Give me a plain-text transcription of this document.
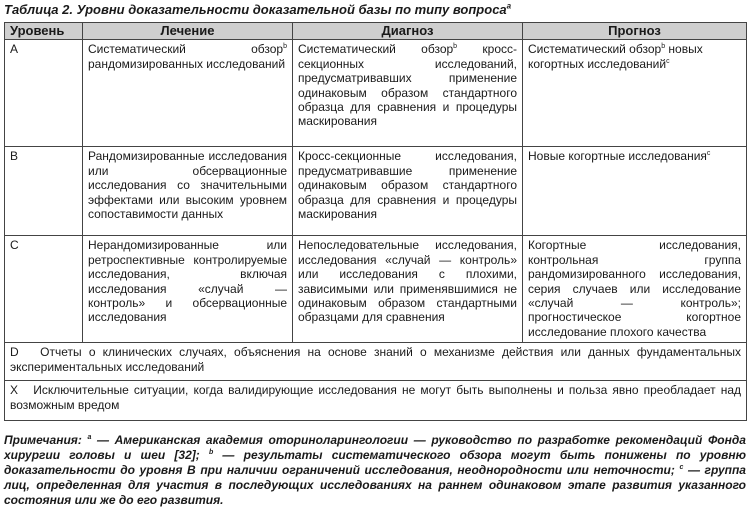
Таблица 2. Уровни доказательности доказательной базы по типу вопроса$^a$
Уровень	Лечение	Диагноз	Прогноз
A	Систематический обзор$^b$ рандомизированных исследований	Систематический обзор$^b$ кросс-секционных исследований, предусматривавших применение одинаковым образом стандартного образца для сравнения и процедуры маскирования	Систематический обзор$^b$ новых когортных исследований$^c$
B	Рандомизированные исследования или обсервационные исследования со значительными эффектами или высоким уровнем сопоставимости данных	Кросс-секционные исследования, предусматривавшие применение одинаковым образом стандартного образца для сравнения и процедуры маскирования	Новые когортные исследования$^c$
C	Нерандомизированные или ретроспективные контролируемые исследования, включая исследования «случай — контроль» и обсервационные исследования	Непоследовательные исследования, исследования «случай — контроль» или исследования с плохими, зависимыми или применявшимися не одинаковым образом стандартными образцами для сравнения	Когортные исследования, контрольная группа рандомизированного исследования, серия случаев или исследование «случай — контроль»; прогностическое когортное исследование плохого качества
D Отчеты о клинических случаях, объяснения на основе знаний о механизме действия или данных фундаментальных экспериментальных исследований			
X Исключительные ситуации, когда валидирующие исследования не могут быть выполнены и польза явно преобладает над возможным вредом			
Примечания: $^a$ — Американская академия оториноларингологии — руководство по разработке рекомендаций Фонда хирургии головы и шеи [32]; $^b$ — результаты систематического обзора могут быть понижены по уровню доказательности до уровня B при наличии ограничений исследования, неоднородности или неточности; $^c$ — группа лиц, определенная для участия в последующих исследованиях на раннем одинаковом этапе развития указанного состояния или же до его развития.
